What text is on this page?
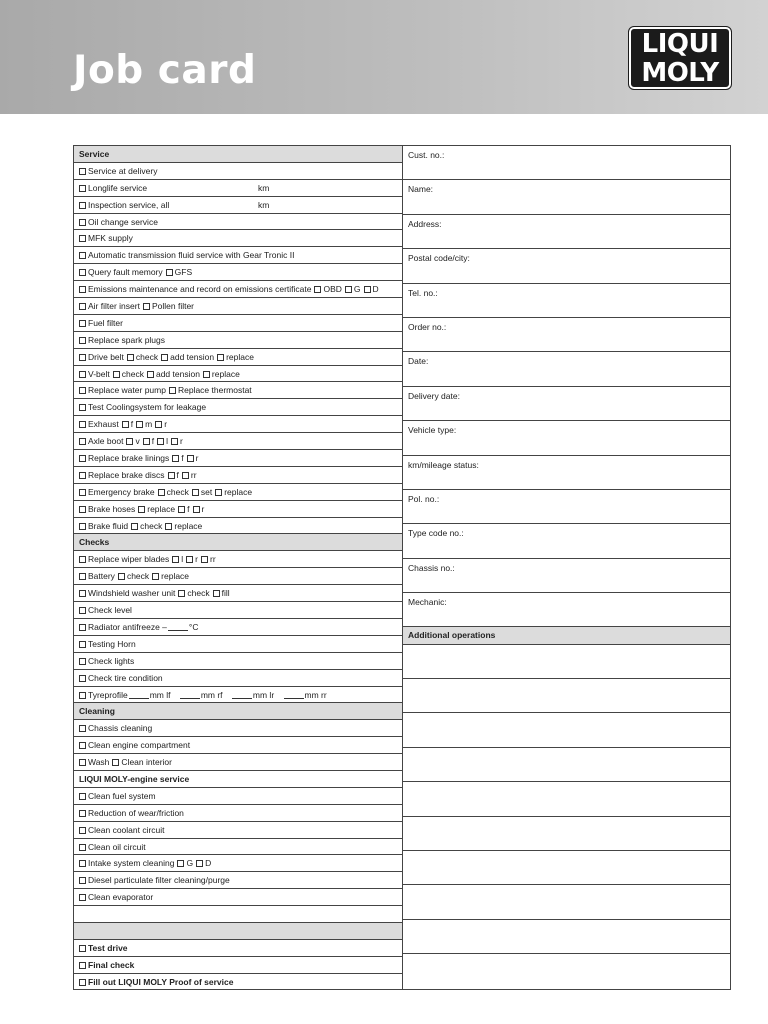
Job card
LIQUI
MOLY
Service
Service at delivery
Longlife service	km
Inspection service, all	km
Oil change service
MFK supply
Automatic transmission fluid service with Gear Tronic II
Query fault memory GFS
Emissions maintenance and record on emissions certificate OBD G D
Air filter insert Pollen filter
Fuel filter
Replace spark plugs
Drive belt check add tension replace
V-belt check add tension replace
Replace water pump Replace thermostat
Test Coolingsystem for leakage
Exhaust f m r
Axle boot v f l r
Replace brake linings f r
Replace brake discs f rr
Emergency brake check set replace
Brake hoses replace f r
Brake fluid check replace
Checks
Replace wiper blades l r rr
Battery check replace
Windshield washer unit check fill
Check level
Radiator antifreeze –	°C
Testing Horn
Check lights
Check tire condition
Tyreprofile	mm lf	mm rf	mm lr	mm rr
Cleaning
Chassis cleaning
Clean engine compartment
Wash Clean interior
LIQUI MOLY-engine service
Clean fuel system
Reduction of wear/friction
Clean coolant circuit
Clean oil circuit
Intake system cleaning G D
Diesel particulate filter cleaning/purge
Clean evaporator
Test drive
Final check
Fill out LIQUI MOLY Proof of service
Cust. no.:
Name:
Address:
Postal code/city:
Tel. no.:
Order no.:
Date:
Delivery date:
Vehicle type:
km/mileage status:
Pol. no.:
Type code no.:
Chassis no.:
Mechanic:
Additional operations
